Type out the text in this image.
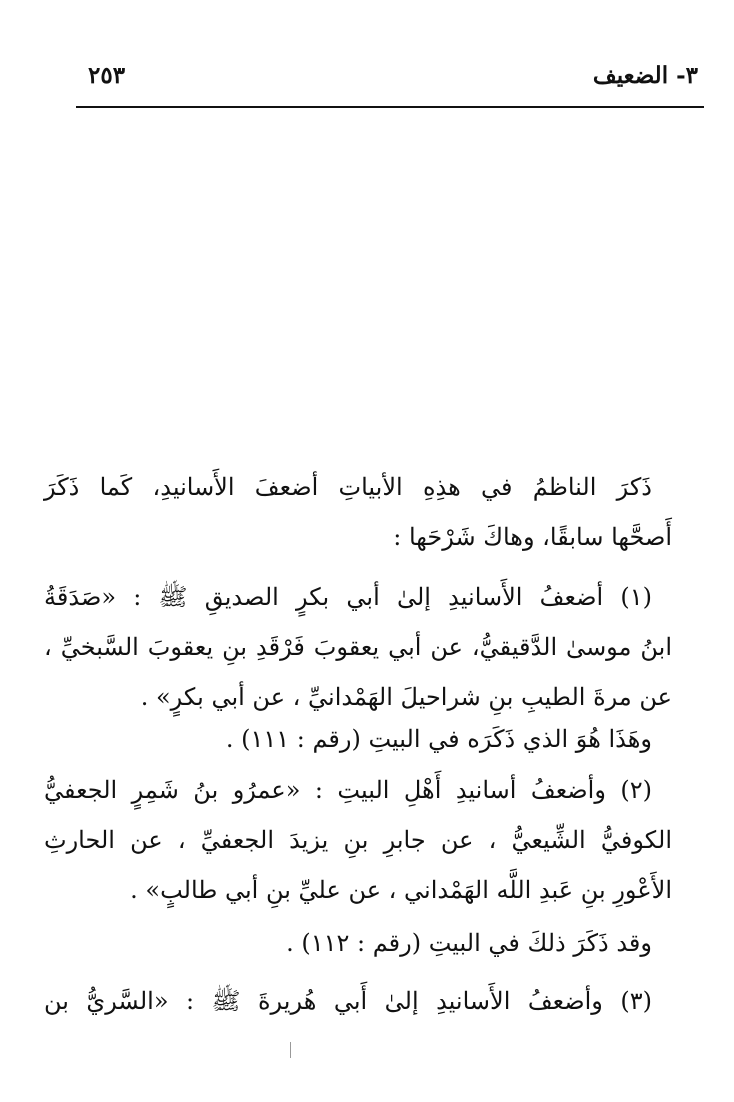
٣- الضعيف
٢٥٣
ذَكرَ الناظمُ في هذِهِ الأبياتِ أضعفَ الأَسانيدِ، كَما ذَكَرَ
أَصحَّها سابقًا، وهاكَ شَرْحَها :
(١) أضعفُ الأَسانيدِ إلىٰ أبي بكرٍ الصديقِ ﷺ : «صَدَقَةُ
ابنُ موسىٰ الدَّقيقيُّ، عن أبي يعقوبَ فَرْقَدِ بنِ يعقوبَ السَّبخيِّ ،
عن مرةَ الطيبِ بنِ شراحيلَ الهَمْدانيِّ ، عن أبي بكرٍ» .
وهَذَا هُوَ الذي ذَكَرَه في البيتِ (رقم : ١١١) .
(٢) وأضعفُ أسانيدِ أَهْلِ البيتِ : «عمرُو بنُ شَمِرٍ الجعفيُّ
الكوفيُّ الشِّيعيُّ ، عن جابرِ بنِ يزيدَ الجعفيِّ ، عن الحارثِ
الأَعْورِ بنِ عَبدِ اللَّه الهَمْداني ، عن عليِّ بنِ أبي طالبٍ» .
وقد ذَكَرَ ذلكَ في البيتِ (رقم : ١١٢) .
(٣) وأضعفُ الأَسانيدِ إلىٰ أَبي هُريرةَ ﷺ : «السَّريُّ بن
